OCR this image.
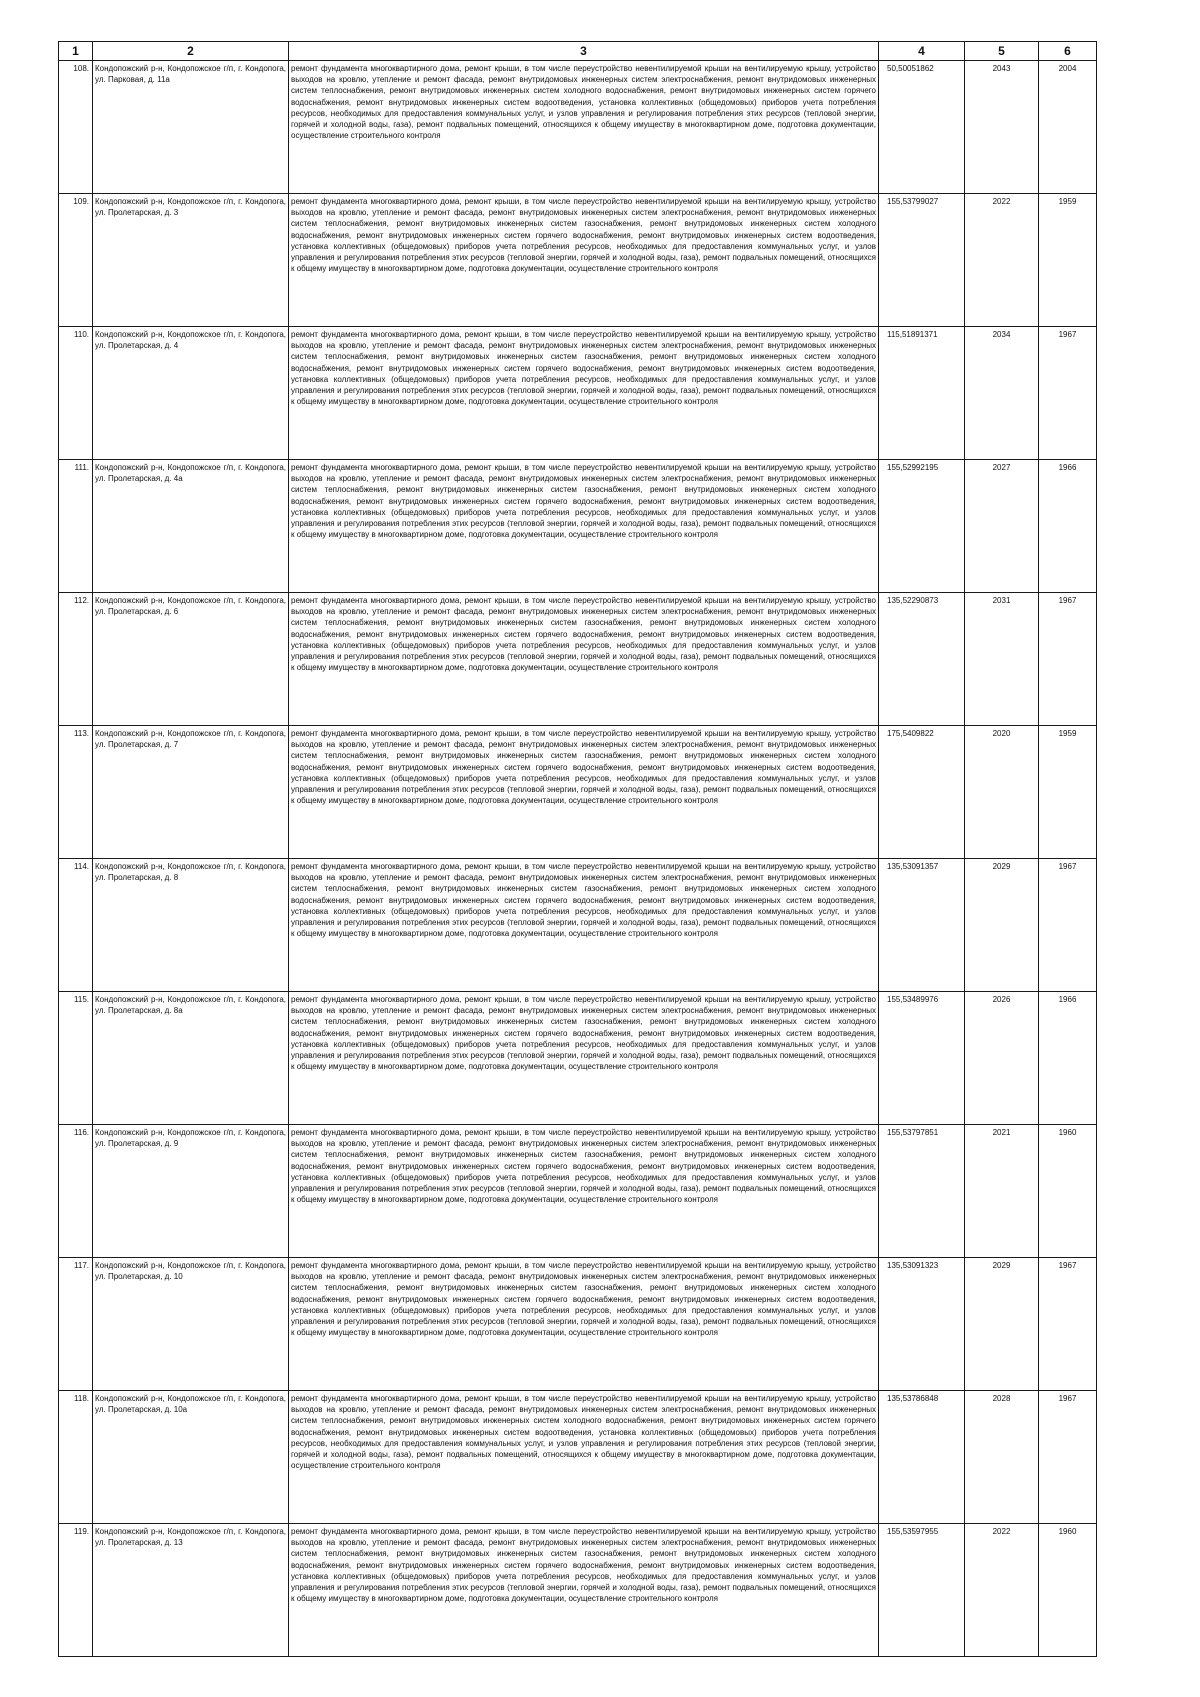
1	2	3	4	5	6
108.	Кондопожский р-н, Кондопожское г/п, г. Кондопога, ул. Парковая, д. 11а	ремонт фундамента многоквартирного дома, ремонт крыши, в том числе переустройство невентилируемой крыши на вентилируемую крышу, устройство выходов на кровлю, утепление и ремонт фасада, ремонт внутридомовых инженерных систем электроснабжения, ремонт внутридомовых инженерных систем теплоснабжения, ремонт внутридомовых инженерных систем холодного водоснабжения, ремонт внутридомовых инженерных систем горячего водоснабжения, ремонт внутридомовых инженерных систем водоотведения, установка коллективных (общедомовых) приборов учета потребления ресурсов, необходимых для предоставления коммунальных услуг, и узлов управления и регулирования потребления этих ресурсов (тепловой энергии, горячей и холодной воды, газа), ремонт подвальных помещений, относящихся к общему имуществу в многоквартирном доме, подготовка документации, осуществление строительного контроля	50,50051862	2043	2004
109.	Кондопожский р-н, Кондопожское г/п, г. Кондопога, ул. Пролетарская, д. 3	ремонт фундамента многоквартирного дома, ремонт крыши, в том числе переустройство невентилируемой крыши на вентилируемую крышу, устройство выходов на кровлю, утепление и ремонт фасада, ремонт внутридомовых инженерных систем электроснабжения, ремонт внутридомовых инженерных систем теплоснабжения, ремонт внутридомовых инженерных систем газоснабжения, ремонт внутридомовых инженерных систем холодного водоснабжения, ремонт внутридомовых инженерных систем горячего водоснабжения, ремонт внутридомовых инженерных систем водоотведения, установка коллективных (общедомовых) приборов учета потребления ресурсов, необходимых для предоставления коммунальных услуг, и узлов управления и регулирования потребления этих ресурсов (тепловой энергии, горячей и холодной воды, газа), ремонт подвальных помещений, относящихся к общему имуществу в многоквартирном доме, подготовка документации, осуществление строительного контроля	155,53799027	2022	1959
110.	Кондопожский р-н, Кондопожское г/п, г. Кондопога, ул. Пролетарская, д. 4	ремонт фундамента многоквартирного дома, ремонт крыши, в том числе переустройство невентилируемой крыши на вентилируемую крышу, устройство выходов на кровлю, утепление и ремонт фасада, ремонт внутридомовых инженерных систем электроснабжения, ремонт внутридомовых инженерных систем теплоснабжения, ремонт внутридомовых инженерных систем газоснабжения, ремонт внутридомовых инженерных систем холодного водоснабжения, ремонт внутридомовых инженерных систем горячего водоснабжения, ремонт внутридомовых инженерных систем водоотведения, установка коллективных (общедомовых) приборов учета потребления ресурсов, необходимых для предоставления коммунальных услуг, и узлов управления и регулирования потребления этих ресурсов (тепловой энергии, горячей и холодной воды, газа), ремонт подвальных помещений, относящихся к общему имуществу в многоквартирном доме, подготовка документации, осуществление строительного контроля	115,51891371	2034	1967
111.	Кондопожский р-н, Кондопожское г/п, г. Кондопога, ул. Пролетарская, д. 4а	ремонт фундамента многоквартирного дома, ремонт крыши, в том числе переустройство невентилируемой крыши на вентилируемую крышу, устройство выходов на кровлю, утепление и ремонт фасада, ремонт внутридомовых инженерных систем электроснабжения, ремонт внутридомовых инженерных систем теплоснабжения, ремонт внутридомовых инженерных систем газоснабжения, ремонт внутридомовых инженерных систем холодного водоснабжения, ремонт внутридомовых инженерных систем горячего водоснабжения, ремонт внутридомовых инженерных систем водоотведения, установка коллективных (общедомовых) приборов учета потребления ресурсов, необходимых для предоставления коммунальных услуг, и узлов управления и регулирования потребления этих ресурсов (тепловой энергии, горячей и холодной воды, газа), ремонт подвальных помещений, относящихся к общему имуществу в многоквартирном доме, подготовка документации, осуществление строительного контроля	155,52992195	2027	1966
112.	Кондопожский р-н, Кондопожское г/п, г. Кондопога, ул. Пролетарская, д. 6	ремонт фундамента многоквартирного дома, ремонт крыши, в том числе переустройство невентилируемой крыши на вентилируемую крышу, устройство выходов на кровлю, утепление и ремонт фасада, ремонт внутридомовых инженерных систем электроснабжения, ремонт внутридомовых инженерных систем теплоснабжения, ремонт внутридомовых инженерных систем газоснабжения, ремонт внутридомовых инженерных систем холодного водоснабжения, ремонт внутридомовых инженерных систем горячего водоснабжения, ремонт внутридомовых инженерных систем водоотведения, установка коллективных (общедомовых) приборов учета потребления ресурсов, необходимых для предоставления коммунальных услуг, и узлов управления и регулирования потребления этих ресурсов (тепловой энергии, горячей и холодной воды, газа), ремонт подвальных помещений, относящихся к общему имуществу в многоквартирном доме, подготовка документации, осуществление строительного контроля	135,52290873	2031	1967
113.	Кондопожский р-н, Кондопожское г/п, г. Кондопога, ул. Пролетарская, д. 7	ремонт фундамента многоквартирного дома, ремонт крыши, в том числе переустройство невентилируемой крыши на вентилируемую крышу, устройство выходов на кровлю, утепление и ремонт фасада, ремонт внутридомовых инженерных систем электроснабжения, ремонт внутридомовых инженерных систем теплоснабжения, ремонт внутридомовых инженерных систем газоснабжения, ремонт внутридомовых инженерных систем холодного водоснабжения, ремонт внутридомовых инженерных систем горячего водоснабжения, ремонт внутридомовых инженерных систем водоотведения, установка коллективных (общедомовых) приборов учета потребления ресурсов, необходимых для предоставления коммунальных услуг, и узлов управления и регулирования потребления этих ресурсов (тепловой энергии, горячей и холодной воды, газа), ремонт подвальных помещений, относящихся к общему имуществу в многоквартирном доме, подготовка документации, осуществление строительного контроля	175,5409822	2020	1959
114.	Кондопожский р-н, Кондопожское г/п, г. Кондопога, ул. Пролетарская, д. 8	ремонт фундамента многоквартирного дома, ремонт крыши, в том числе переустройство невентилируемой крыши на вентилируемую крышу, устройство выходов на кровлю, утепление и ремонт фасада, ремонт внутридомовых инженерных систем электроснабжения, ремонт внутридомовых инженерных систем теплоснабжения, ремонт внутридомовых инженерных систем газоснабжения, ремонт внутридомовых инженерных систем холодного водоснабжения, ремонт внутридомовых инженерных систем горячего водоснабжения, ремонт внутридомовых инженерных систем водоотведения, установка коллективных (общедомовых) приборов учета потребления ресурсов, необходимых для предоставления коммунальных услуг, и узлов управления и регулирования потребления этих ресурсов (тепловой энергии, горячей и холодной воды, газа), ремонт подвальных помещений, относящихся к общему имуществу в многоквартирном доме, подготовка документации, осуществление строительного контроля	135,53091357	2029	1967
115.	Кондопожский р-н, Кондопожское г/п, г. Кондопога, ул. Пролетарская, д. 8а	ремонт фундамента многоквартирного дома, ремонт крыши, в том числе переустройство невентилируемой крыши на вентилируемую крышу, устройство выходов на кровлю, утепление и ремонт фасада, ремонт внутридомовых инженерных систем электроснабжения, ремонт внутридомовых инженерных систем теплоснабжения, ремонт внутридомовых инженерных систем газоснабжения, ремонт внутридомовых инженерных систем холодного водоснабжения, ремонт внутридомовых инженерных систем горячего водоснабжения, ремонт внутридомовых инженерных систем водоотведения, установка коллективных (общедомовых) приборов учета потребления ресурсов, необходимых для предоставления коммунальных услуг, и узлов управления и регулирования потребления этих ресурсов (тепловой энергии, горячей и холодной воды, газа), ремонт подвальных помещений, относящихся к общему имуществу в многоквартирном доме, подготовка документации, осуществление строительного контроля	155,53489976	2026	1966
116.	Кондопожский р-н, Кондопожское г/п, г. Кондопога, ул. Пролетарская, д. 9	ремонт фундамента многоквартирного дома, ремонт крыши, в том числе переустройство невентилируемой крыши на вентилируемую крышу, устройство выходов на кровлю, утепление и ремонт фасада, ремонт внутридомовых инженерных систем электроснабжения, ремонт внутридомовых инженерных систем теплоснабжения, ремонт внутридомовых инженерных систем газоснабжения, ремонт внутридомовых инженерных систем холодного водоснабжения, ремонт внутридомовых инженерных систем горячего водоснабжения, ремонт внутридомовых инженерных систем водоотведения, установка коллективных (общедомовых) приборов учета потребления ресурсов, необходимых для предоставления коммунальных услуг, и узлов управления и регулирования потребления этих ресурсов (тепловой энергии, горячей и холодной воды, газа), ремонт подвальных помещений, относящихся к общему имуществу в многоквартирном доме, подготовка документации, осуществление строительного контроля	155,53797851	2021	1960
117.	Кондопожский р-н, Кондопожское г/п, г. Кондопога, ул. Пролетарская, д. 10	ремонт фундамента многоквартирного дома, ремонт крыши, в том числе переустройство невентилируемой крыши на вентилируемую крышу, устройство выходов на кровлю, утепление и ремонт фасада, ремонт внутридомовых инженерных систем электроснабжения, ремонт внутридомовых инженерных систем теплоснабжения, ремонт внутридомовых инженерных систем газоснабжения, ремонт внутридомовых инженерных систем холодного водоснабжения, ремонт внутридомовых инженерных систем горячего водоснабжения, ремонт внутридомовых инженерных систем водоотведения, установка коллективных (общедомовых) приборов учета потребления ресурсов, необходимых для предоставления коммунальных услуг, и узлов управления и регулирования потребления этих ресурсов (тепловой энергии, горячей и холодной воды, газа), ремонт подвальных помещений, относящихся к общему имуществу в многоквартирном доме, подготовка документации, осуществление строительного контроля	135,53091323	2029	1967
118.	Кондопожский р-н, Кондопожское г/п, г. Кондопога, ул. Пролетарская, д. 10а	ремонт фундамента многоквартирного дома, ремонт крыши, в том числе переустройство невентилируемой крыши на вентилируемую крышу, устройство выходов на кровлю, утепление и ремонт фасада, ремонт внутридомовых инженерных систем электроснабжения, ремонт внутридомовых инженерных систем теплоснабжения, ремонт внутридомовых инженерных систем холодного водоснабжения, ремонт внутридомовых инженерных систем горячего водоснабжения, ремонт внутридомовых инженерных систем водоотведения, установка коллективных (общедомовых) приборов учета потребления ресурсов, необходимых для предоставления коммунальных услуг, и узлов управления и регулирования потребления этих ресурсов (тепловой энергии, горячей и холодной воды, газа), ремонт подвальных помещений, относящихся к общему имуществу в многоквартирном доме, подготовка документации, осуществление строительного контроля	135,53786848	2028	1967
119.	Кондопожский р-н, Кондопожское г/п, г. Кондопога, ул. Пролетарская, д. 13	ремонт фундамента многоквартирного дома, ремонт крыши, в том числе переустройство невентилируемой крыши на вентилируемую крышу, устройство выходов на кровлю, утепление и ремонт фасада, ремонт внутридомовых инженерных систем электроснабжения, ремонт внутридомовых инженерных систем теплоснабжения, ремонт внутридомовых инженерных систем газоснабжения, ремонт внутридомовых инженерных систем холодного водоснабжения, ремонт внутридомовых инженерных систем горячего водоснабжения, ремонт внутридомовых инженерных систем водоотведения, установка коллективных (общедомовых) приборов учета потребления ресурсов, необходимых для предоставления коммунальных услуг, и узлов управления и регулирования потребления этих ресурсов (тепловой энергии, горячей и холодной воды, газа), ремонт подвальных помещений, относящихся к общему имуществу в многоквартирном доме, подготовка документации, осуществление строительного контроля	155,53597955	2022	1960
